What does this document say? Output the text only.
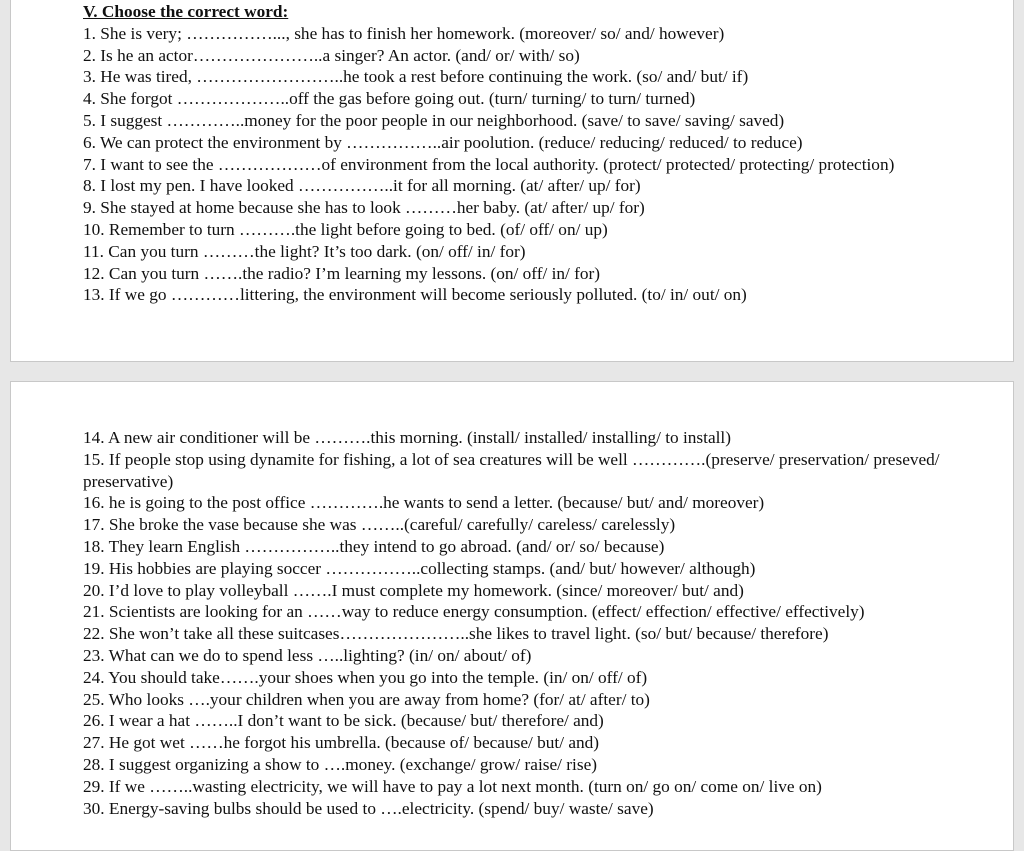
V. Choose the correct word:

1. She is very; ……………..., she has to finish her homework. (moreover/ so/ and/ however)

2. Is he an actor…………………..a singer? An actor. (and/ or/ with/ so)

3. He was tired, ……………………..he took a rest before continuing the work. (so/ and/ but/ if)

4. She forgot ………………..off the gas before going out. (turn/ turning/ to turn/ turned)

5. I suggest …………..money for the poor people in our neighborhood. (save/ to save/ saving/ saved)

6. We can protect the environment by ……………..air poolution. (reduce/ reducing/ reduced/ to reduce)

7. I want to see the ………………of environment from the local authority. (protect/ protected/ protecting/ protection)

8. I lost my pen. I have looked ……………..it for all morning. (at/ after/ up/ for)

9. She stayed at home because she has to look ………her baby. (at/ after/ up/ for)

10. Remember to turn ……….the light before going to bed. (of/ off/ on/ up)

11. Can you turn ………the light? It’s too dark. (on/ off/ in/ for)

12. Can you turn …….the radio? I’m learning my lessons. (on/ off/ in/ for)

13. If we go …………littering, the environment will become seriously polluted. (to/ in/ out/ on)

14. A new air conditioner will be ……….this morning. (install/ installed/ installing/ to install)

15. If people stop using dynamite for fishing, a lot of sea creatures will be well ………….(preserve/ preservation/ preseved/ preservative)

16. he is going to the post office ………….he wants to send a letter. (because/ but/ and/ moreover)

17. She broke the vase because she was ……..(careful/ carefully/ careless/ carelessly)

18. They learn English ……………..they intend to go abroad. (and/ or/ so/ because)

19. His hobbies are playing soccer ……………..collecting stamps. (and/ but/ however/ although)

20. I’d love to play volleyball …….I must complete my homework. (since/ moreover/ but/ and)

21. Scientists are looking for an ……way to reduce energy consumption. (effect/ effection/ effective/ effectively)

22. She won’t take all these suitcases…………………..she likes to travel light. (so/ but/ because/ therefore)

23. What can we do to spend less …..lighting? (in/ on/ about/ of)

24. You should take…….your shoes when you go into the temple. (in/ on/ off/ of)

25. Who looks ….your children when you are away from home? (for/ at/ after/ to)

26. I wear a hat ……..I don’t want to be sick. (because/ but/ therefore/ and)

27. He got wet ……he forgot his umbrella. (because of/ because/ but/ and)

28. I suggest organizing a show to ….money. (exchange/ grow/ raise/ rise)

29. If we ……..wasting electricity, we will have to pay a lot next month. (turn on/ go on/ come on/ live on)

30. Energy-saving bulbs should be used to ….electricity. (spend/ buy/ waste/ save)
